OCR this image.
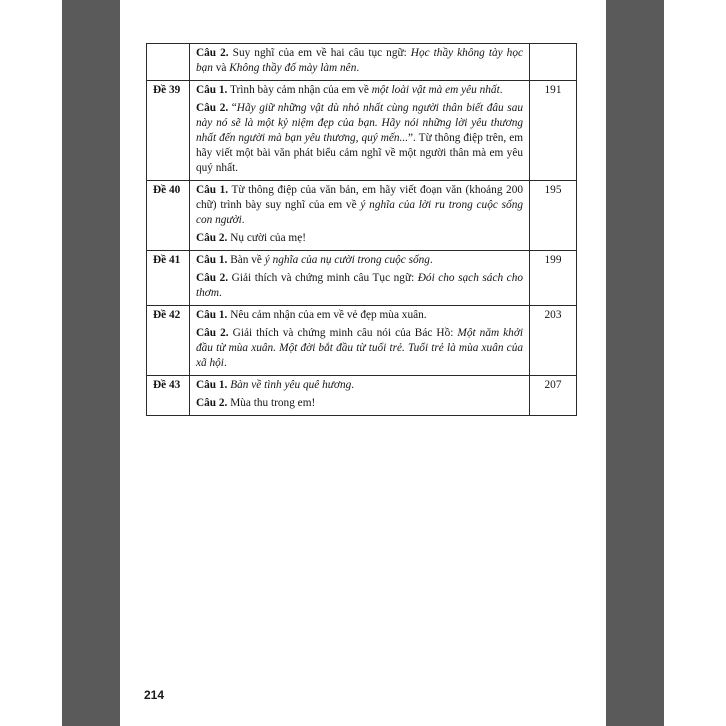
	Câu 2. Suy nghĩ của em về hai câu tục ngữ: Học thầy không tày học bạn và Không thầy đố mày làm nên.	

Đề 39	Câu 1. Trình bày cảm nhận của em về một loài vật mà em yêu nhất.

Câu 2. “Hãy giữ những vật dù nhỏ nhất cùng người thân biết đâu sau này nó sẽ là một kỷ niệm đẹp của bạn. Hãy nói những lời yêu thương nhất đến người mà bạn yêu thương, quý mến...”. Từ thông điệp trên, em hãy viết một bài văn phát biểu cảm nghĩ về một người thân mà em yêu quý nhất.	191
Đề 40	Câu 1. Từ thông điệp của văn bản, em hãy viết đoạn văn (khoảng 200 chữ) trình bày suy nghĩ của em về ý nghĩa của lời ru trong cuộc sống con người.

Câu 2. Nụ cười của mẹ!	195
Đề 41	Câu 1. Bàn về ý nghĩa của nụ cười trong cuộc sống.

Câu 2. Giải thích và chứng minh câu Tục ngữ: Đói cho sạch sách cho thơm.	199
Đề 42	Câu 1. Nêu cảm nhận của em về vẻ đẹp mùa xuân.

Câu 2. Giải thích và chứng minh câu nói của Bác Hồ: Một năm khởi đầu từ mùa xuân. Một đời bắt đầu từ tuổi trẻ. Tuổi trẻ là mùa xuân của xã hội.	203
Đề 43	Câu 1. Bàn về tình yêu quê hương.

Câu 2. Mùa thu trong em!	207
214
